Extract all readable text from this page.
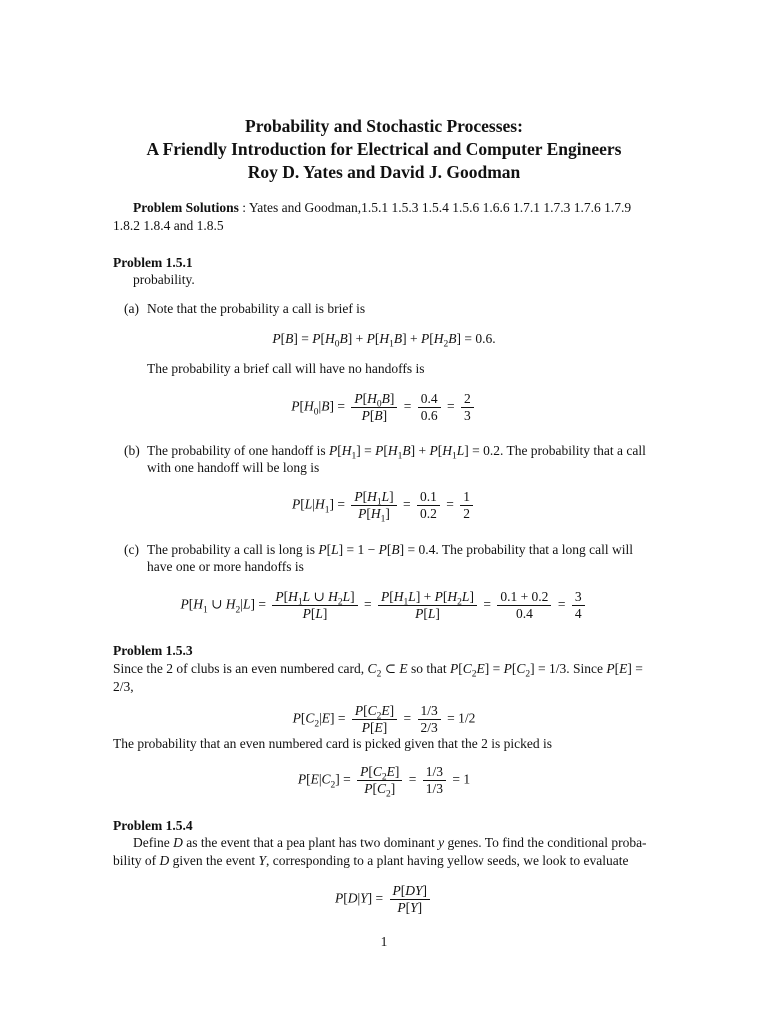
Probability and Stochastic Processes:
A Friendly Introduction for Electrical and Computer Engineers
Roy D. Yates and David J. Goodman
Problem Solutions : Yates and Goodman,1.5.1 1.5.3 1.5.4 1.5.6 1.6.6 1.7.1 1.7.3 1.7.6 1.7.9
1.8.2 1.8.4 and 1.8.5
Problem 1.5.1
probability.
(a) Note that the probability a call is brief is
$P[B] = P[H_0B] + P[H_1B] + P[H_2B] = 0.6$.
The probability a brief call will have no handoffs is
$P[H_0|B] = \frac{P[H_0B]}{P[B]} = \frac{0.4}{0.6} = \frac{2}{3}$
(b) The probability of one handoff is $P[H_1] = P[H_1B] + P[H_1L] = 0.2$. The probability that a call
with one handoff will be long is
$P[L|H_1] = \frac{P[H_1L]}{P[H_1]} = \frac{0.1}{0.2} = \frac{1}{2}$
(c) The probability a call is long is P[L] = 1 − P[B] = 0.4. The probability that a long call will
have one or more handoffs is
$P[H_1$ ∪ $H_2|L] = \frac{P[H_1L \cup H_2L]}{P[L]} = \frac{P[H_1L] + P[H_2L]}{P[L]} = \frac{0.1 + 0.2}{0.4} = \frac{3}{4}$
Problem 1.5.3
Since the 2 of clubs is an even numbered card, $C_2$ ⊂ E so that $P[C_2E] = P[C_2] = 1/3$. Since P[E] =
2/3,
$P[C_2|E] = \frac{P[C_2E]}{P[E]} = \frac{1/3}{2/3} = 1/2$
The probability that an even numbered card is picked given that the 2 is picked is
$P[E|C_2] = \frac{P[C_2E]}{P[C_2]} = \frac{1/3}{1/3} = 1$
Problem 1.5.4
Define D as the event that a pea plant has two dominant y genes. To find the conditional proba-
bility of D given the event Y, corresponding to a plant having yellow seeds, we look to evaluate
$P[D|Y] = \frac{P[DY]}{P[Y]}$
1
